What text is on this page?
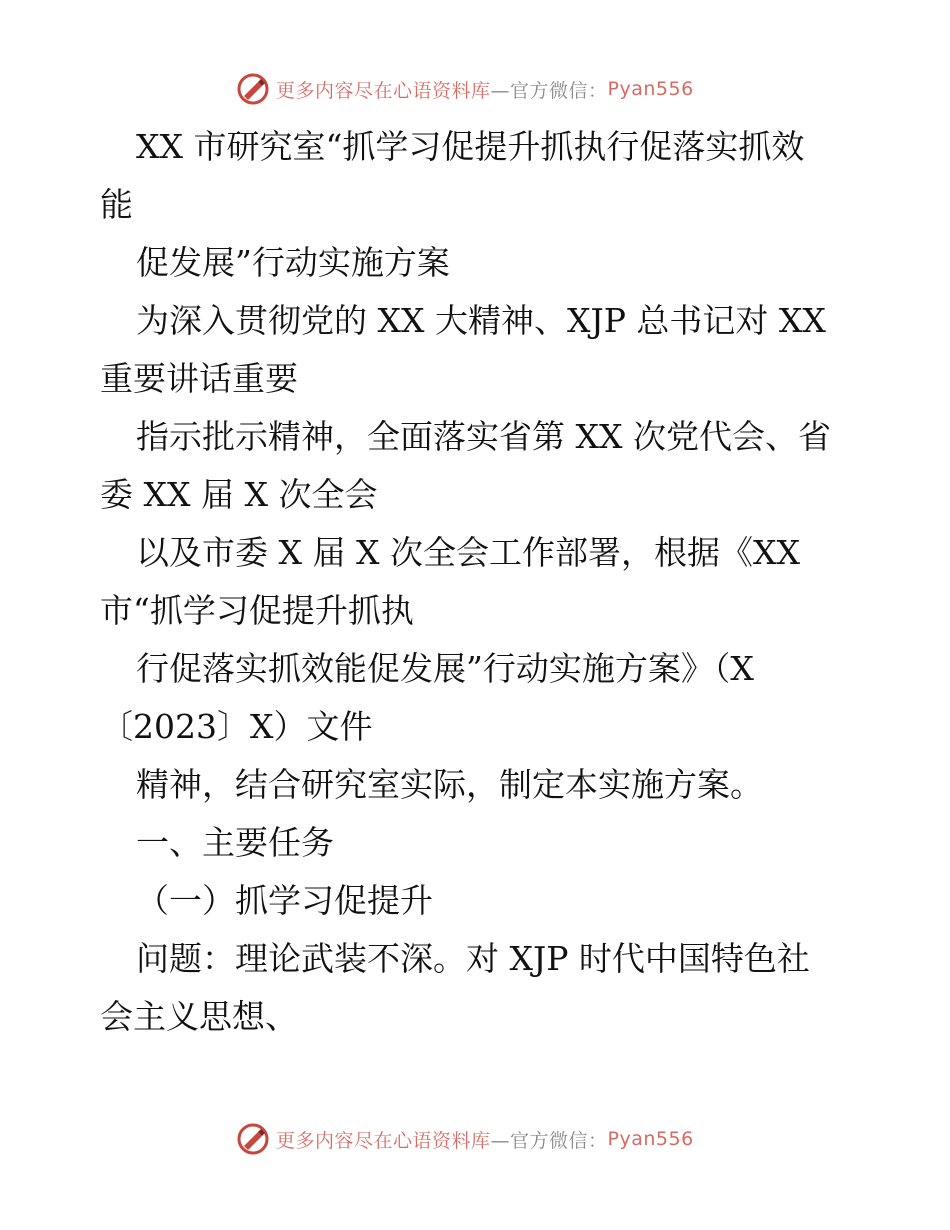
更多内容尽在心语资料库 —官方微信： Pyan556
XX 市研究室“抓学习促提升抓执行促落实抓效
能
促发展”行动实施方案
为深入贯彻党的 XX 大精神、XJP 总书记对 XX
重要讲话重要
指示批示精神，全面落实省第 XX 次党代会、省
委 XX 届 X 次全会
以及市委 X 届 X 次全会工作部署，根据《XX
市“抓学习促提升抓执
行促落实抓效能促发展”行动实施方案》（X
〔2023〕X）文件
精神，结合研究室实际，制定本实施方案。
一、主要任务
（一）抓学习促提升
问题：理论武装不深。对 XJP 时代中国特色社
会主义思想、
更多内容尽在心语资料库 —官方微信： Pyan556
